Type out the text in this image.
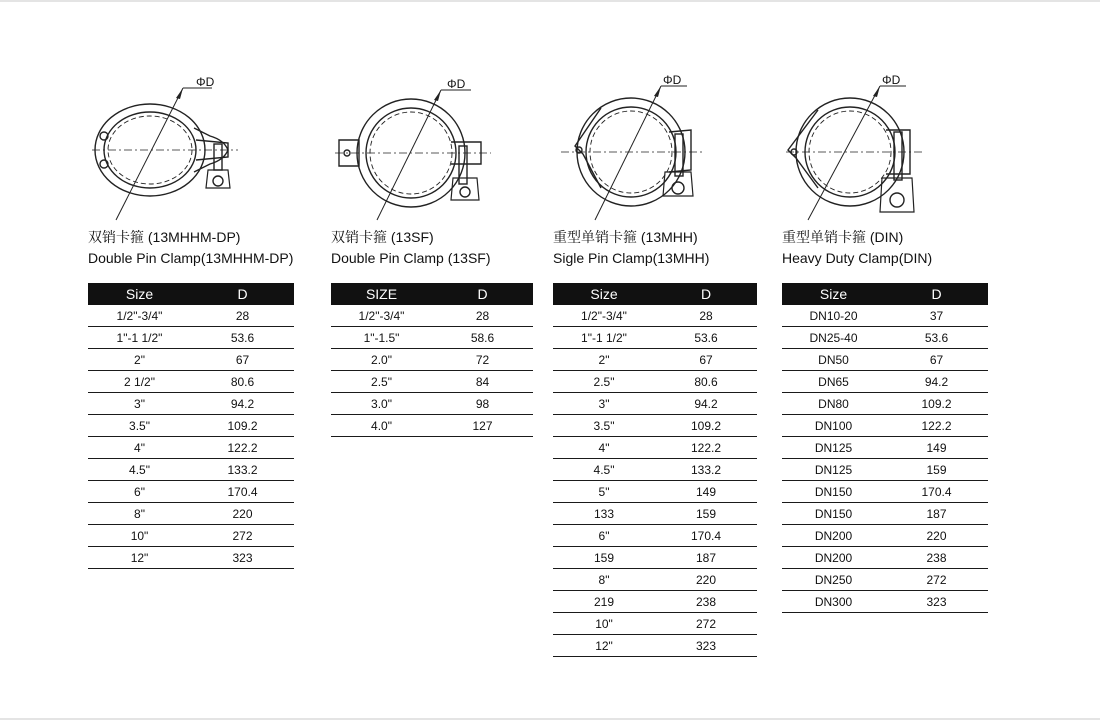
ΦD
双销卡箍 (13MHHM-DP)
Double Pin Clamp(13MHHM-DP)
Size	D
1/2"-3/4"	28
1"-1 1/2"	53.6
2"	67
2 1/2"	80.6
3"	94.2
3.5"	109.2
4"	122.2
4.5"	133.2
6"	170.4
8"	220
10"	272
12"	323
ΦD
双销卡箍 (13SF)
Double Pin Clamp (13SF)
SIZE	D
1/2"-3/4"	28
1"-1.5"	58.6
2.0"	72
2.5"	84
3.0"	98
4.0"	127
ΦD
重型单销卡箍 (13MHH)
Sigle Pin Clamp(13MHH)
Size	D
1/2"-3/4"	28
1"-1 1/2"	53.6
2"	67
2.5"	80.6
3"	94.2
3.5"	109.2
4"	122.2
4.5"	133.2
5"	149
133	159
6"	170.4
159	187
8"	220
219	238
10"	272
12"	323
ΦD
重型单销卡箍 (DIN)
Heavy Duty Clamp(DIN)
Size	D
DN10-20	37
DN25-40	53.6
DN50	67
DN65	94.2
DN80	109.2
DN100	122.2
DN125	149
DN125	159
DN150	170.4
DN150	187
DN200	220
DN200	238
DN250	272
DN300	323
